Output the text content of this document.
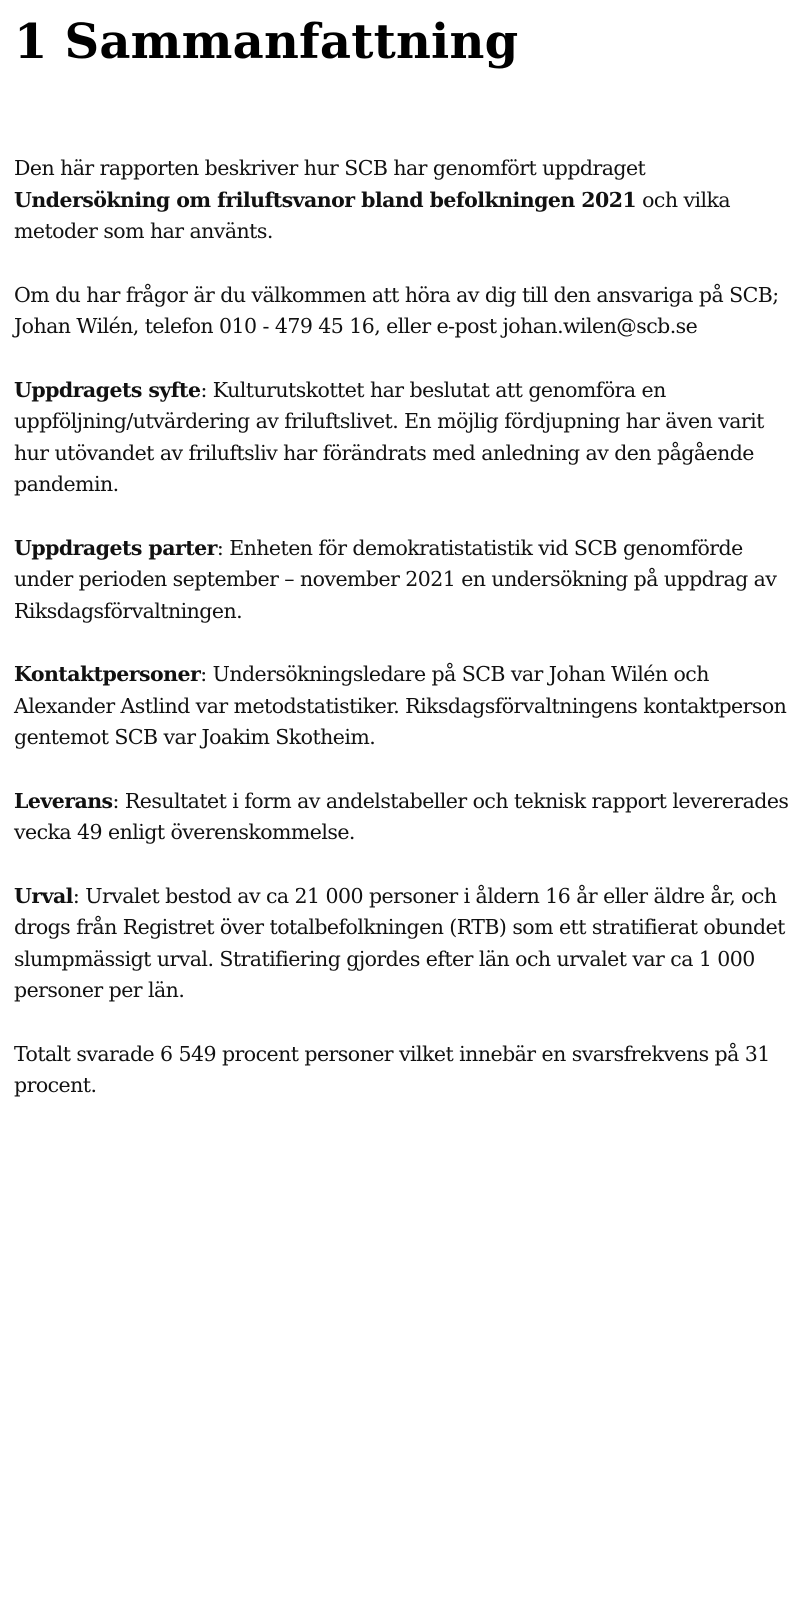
1 Sammanfattning

Den här rapporten beskriver hur SCB har genomfört uppdraget Undersökning om friluftsvanor bland befolkningen 2021 och vilka metoder som har använts.

Om du har frågor är du välkommen att höra av dig till den ansvariga på SCB; Johan Wilén, telefon 010 - 479 45 16, eller e-post johan.wilen@scb.se

Uppdragets syfte: Kulturutskottet har beslutat att genomföra en uppföljning/utvärdering av friluftslivet. En möjlig fördjupning har även varit hur utövandet av friluftsliv har förändrats med anledning av den pågående pandemin.

Uppdragets parter: Enheten för demokratistatistik vid SCB genomförde under perioden september – november 2021 en undersökning på uppdrag av Riksdagsförvaltningen.

Kontaktpersoner: Undersökningsledare på SCB var Johan Wilén och Alexander Astlind var metodstatistiker. Riksdagsförvaltningens kontaktperson gentemot SCB var Joakim Skotheim.

Leverans: Resultatet i form av andelstabeller och teknisk rapport levererades vecka 49 enligt överenskommelse.

Urval: Urvalet bestod av ca 21 000 personer i åldern 16 år eller äldre år, och drogs från Registret över totalbefolkningen (RTB) som ett stratifierat obundet slumpmässigt urval. Stratifiering gjordes efter län och urvalet var ca 1 000 personer per län.

Totalt svarade 6 549 procent personer vilket innebär en svarsfrekvens på 31 procent.
